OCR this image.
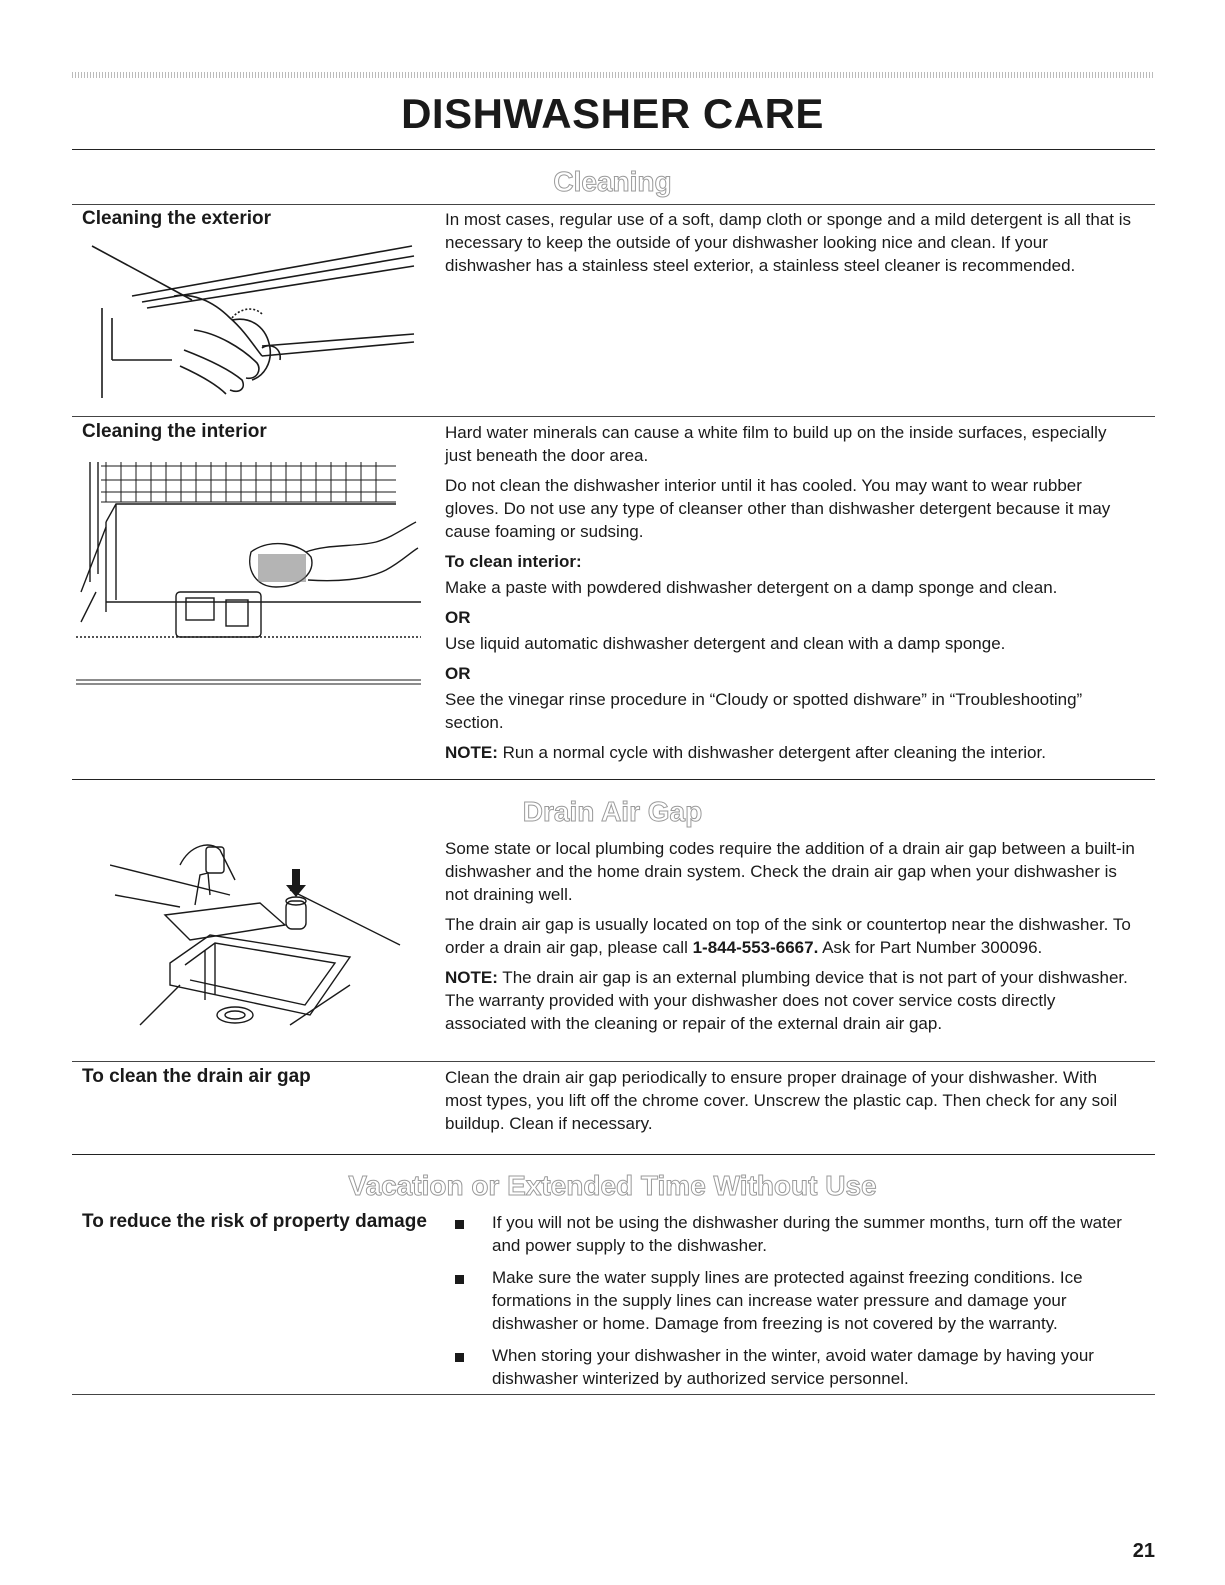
DISHWASHER CARE
Cleaning
Cleaning the exterior	In most cases, regular use of a soft, damp cloth or sponge and a mild detergent is all that is necessary to keep the outside of your dishwasher looking nice and clean. If your dishwasher has a stainless steel exterior, a stainless steel cleaner is recommended.

Cleaning the interior	Hard water minerals can cause a white film to build up on the inside surfaces, especially just beneath the door area.

Do not clean the dishwasher interior until it has cooled. You may want to wear rubber gloves. Do not use any type of cleanser other than dishwasher detergent because it may cause foaming or sudsing.

To clean interior:

Make a paste with powdered dishwasher detergent on a damp sponge and clean.

OR

Use liquid automatic dishwasher detergent and clean with a damp sponge.

OR

See the vinegar rinse procedure in “Cloudy or spotted dishware” in “Troubleshooting” section.

NOTE: Run a normal cycle with dishwasher detergent after cleaning the interior.

Drain Air Gap

Some state or local plumbing codes require the addition of a drain air gap between a built-in dishwasher and the home drain system. Check the drain air gap when your dishwasher is not draining well.

The drain air gap is usually located on top of the sink or countertop near the dishwasher. To order a drain air gap, please call 1-844-553-6667. Ask for Part Number 300096.

NOTE: The drain air gap is an external plumbing device that is not part of your dishwasher. The warranty provided with your dishwasher does not cover service costs directly associated with the cleaning or repair of the external drain air gap.

To clean the drain air gap	Clean the drain air gap periodically to ensure proper drainage of your dishwasher. With most types, you lift off the chrome cover. Unscrew the plastic cap. Then check for any soil buildup. Clean if necessary.

Vacation or Extended Time Without Use
To reduce the risk of property damage	If you will not be using the dishwasher during the summer months, turn off the water and power supply to the dishwasher.
Make sure the water supply lines are protected against freezing conditions. Ice formations in the supply lines can increase water pressure and damage your dishwasher or home. Damage from freezing is not covered by the warranty.
When storing your dishwasher in the winter, avoid water damage by having your dishwasher winterized by authorized service personnel.
21
